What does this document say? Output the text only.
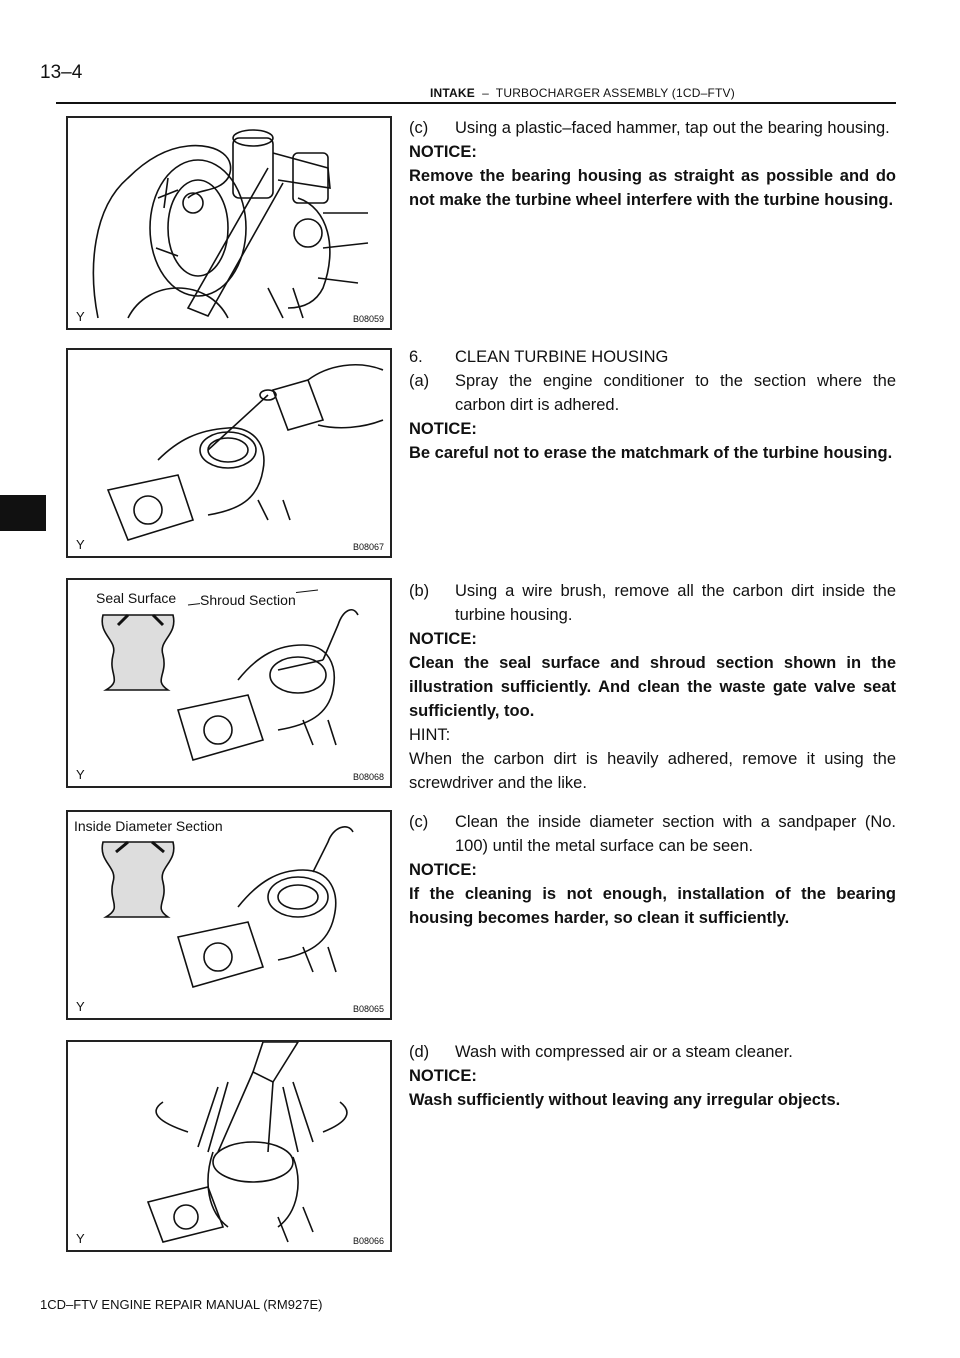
13–4
INTAKE – TURBOCHARGER ASSEMBLY (1CD–FTV)
Y	B08059
Y	B08067
Seal Surface Shroud Section
Y	B08068
Inside Diameter Section
Y	B08065
Y	B08066
(c)	Using a plastic–faced hammer, tap out the bearing housing.
NOTICE:
Remove the bearing housing as straight as possible and do not make the turbine wheel interfere with the turbine housing.
6.	CLEAN TURBINE HOUSING
(a)	Spray the engine conditioner to the section where the carbon dirt is adhered.
NOTICE:
Be careful not to erase the matchmark of the turbine housing.
(b)	Using a wire brush, remove all the carbon dirt inside the turbine housing.
NOTICE:
Clean the seal surface and shroud section shown in the illustration sufficiently. And clean the waste gate valve seat sufficiently, too.
HINT:
When the carbon dirt is heavily adhered, remove it using the screwdriver and the like.
(c)	Clean the inside diameter section with a sandpaper (No. 100) until the metal surface can be seen.
NOTICE:
If the cleaning is not enough, installation of the bearing housing becomes harder, so clean it sufficiently.
(d)	Wash with compressed air or a steam cleaner.
NOTICE:
Wash sufficiently without leaving any irregular objects.
1CD–FTV ENGINE REPAIR MANUAL (RM927E)
